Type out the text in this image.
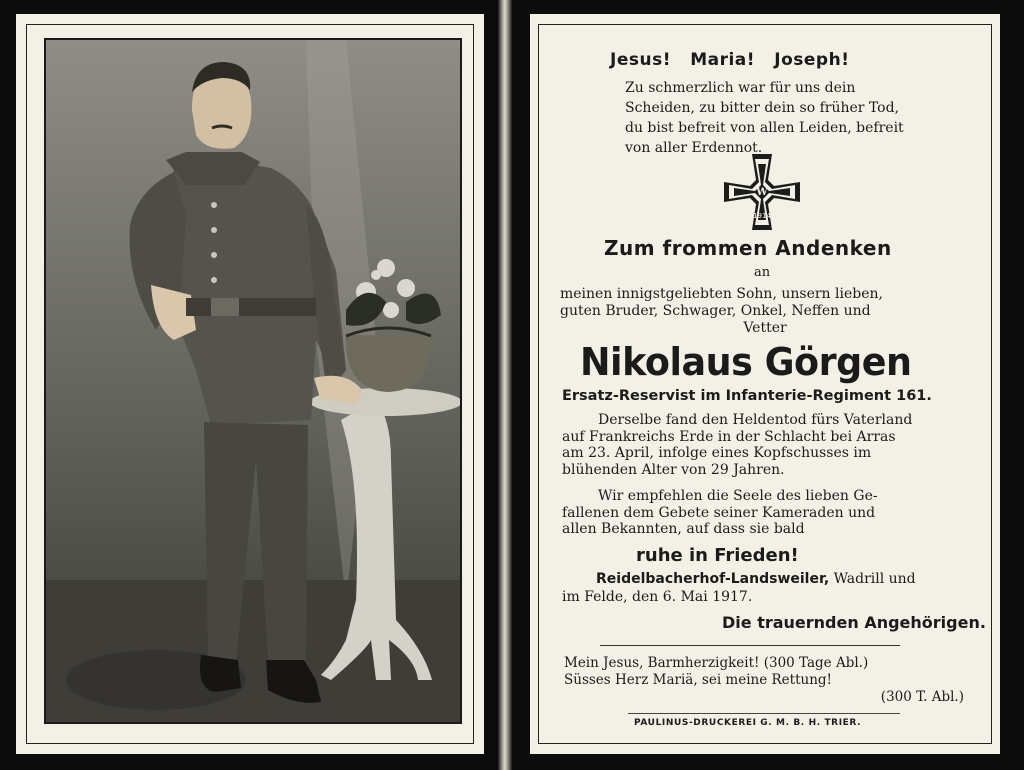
Jesus!   Maria!   Joseph!
Zu schmerzlich war für uns dein
Scheiden, zu bitter dein so früher Tod,
du bist befreit von allen Leiden, befreit
von aller Erdennot.
W
1914
Zum frommen Andenken
an
meinen innigstgeliebten Sohn, unsern lieben,
guten Bruder, Schwager, Onkel, Neffen und
Vetter
Nikolaus Görgen
Ersatz-Reservist im Infanterie-Regiment 161.
Derselbe fand den Heldentod fürs Vaterland
auf Frankreichs Erde in der Schlacht bei Arras
am 23. April, infolge eines Kopfschusses im
blühenden Alter von 29 Jahren.
Wir empfehlen die Seele des lieben Ge-
fallenen dem Gebete seiner Kameraden und
allen Bekannten, auf dass sie bald
ruhe in Frieden!
Reidelbacherhof-Landsweiler, Wadrill und
im Felde, den 6. Mai 1917.
Die trauernden Angehörigen.
Mein Jesus, Barmherzigkeit! (300 Tage Abl.)
Süsses Herz Mariä, sei meine Rettung!
(300 T. Abl.)
PAULINUS-DRUCKEREI G. M. B. H. TRIER.
